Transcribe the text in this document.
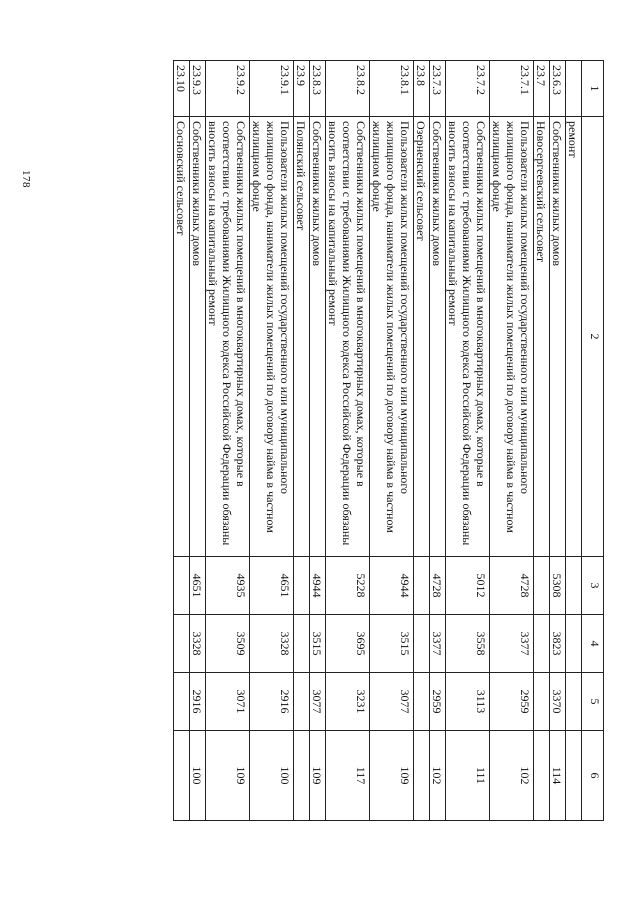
178
1	2	3	4	5	6
	ремонт				
23.6.3	Собственники жилых домов	5308	3823	3370	114
23.7	Новосергеевский сельсовет				
23.7.1	Пользователи жилых помещений государственного или муниципального жилищного фонда, наниматели жилых помещений по договору найма в частном жилищном фонде	4728	3377	2959	102
23.7.2	Собственники жилых помещений в многоквартирных домах, которые в соответствии с требованиями Жилищного кодекса Российской Федерации обязаны вносить взносы на капитальный ремонт	5012	3558	3113	111
23.7.3	Собственники жилых домов	4728	3377	2959	102
23.8	Озерненский сельсовет				
23.8.1	Пользователи жилых помещений государственного или муниципального жилищного фонда, наниматели жилых помещений по договору найма в частном жилищном фонде	4944	3515	3077	109
23.8.2	Собственники жилых помещений в многоквартирных домах, которые в соответствии с требованиями Жилищного кодекса Российской Федерации обязаны вносить взносы на капитальный ремонт	5228	3695	3231	117
23.8.3	Собственники жилых домов	4944	3515	3077	109
23.9	Полянский сельсовет				
23.9.1	Пользователи жилых помещений государственного или муниципального жилищного фонда, наниматели жилых помещений по договору найма в частном жилищном фонде	4651	3328	2916	100
23.9.2	Собственники жилых помещений в многоквартирных домах, которые в соответствии с требованиями Жилищного кодекса Российской Федерации обязаны вносить взносы на капитальный ремонт	4935	3509	3071	109
23.9.3	Собственники жилых домов	4651	3328	2916	100
23.10	Сосновский сельсовет				
